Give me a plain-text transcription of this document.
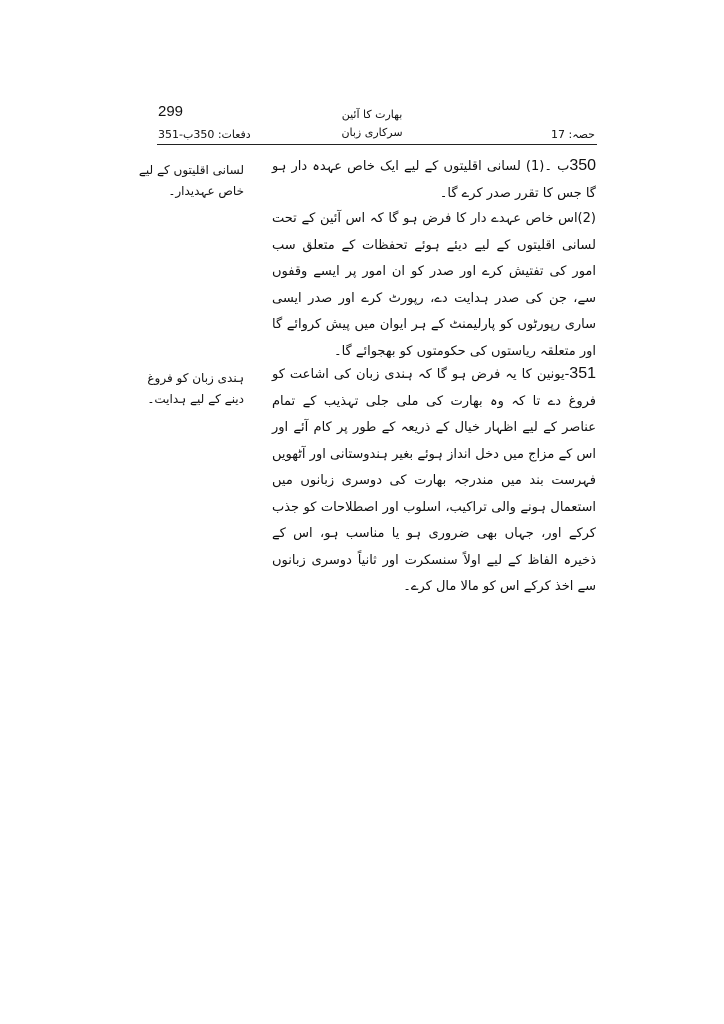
299	بھارت کا آئین
دفعات: 350ب-351	سرکاری زبان	حصہ: 17
لسانی اقلیتوں کے لیے خاص عہدیدار۔
ہندی زبان کو فروغ دینے کے لیے ہدایت۔
350ب ۔(1) لسانی اقلیتوں کے لیے ایک خاص عہدہ دار ہو گا جس کا تقرر صدر کرے گا۔
(2)اس خاص عہدے دار کا فرض ہو گا کہ اس آئین کے تحت لسانی اقلیتوں کے لیے دیئے ہوئے تحفظات کے متعلق سب امور کی تفتیش کرے اور صدر کو ان امور پر ایسے وقفوں سے، جن کی صدر ہدایت دے، رپورٹ کرے اور صدر ایسی ساری رپورٹوں کو پارلیمنٹ کے ہر ایوان میں پیش کروائے گا اور متعلقہ ریاستوں کی حکومتوں کو بھجوائے گا۔
351-یونین کا یہ فرض ہو گا کہ ہندی زبان کی اشاعت کو فروغ دے تا کہ وہ بھارت کی ملی جلی تہذیب کے تمام عناصر کے لیے اظہار خیال کے ذریعہ کے طور پر کام آئے اور اس کے مزاج میں دخل انداز ہوئے بغیر ہندوستانی اور آٹھویں فہرست بند میں مندرجہ بھارت کی دوسری زبانوں میں استعمال ہونے والی تراکیب، اسلوب اور اصطلاحات کو جذب کرکے اور، جہاں بھی ضروری ہو یا مناسب ہو، اس کے ذخیرہ الفاظ کے لیے اولاً سنسکرت اور ثانیاً دوسری زبانوں سے اخذ کرکے اس کو مالا مال کرے۔
